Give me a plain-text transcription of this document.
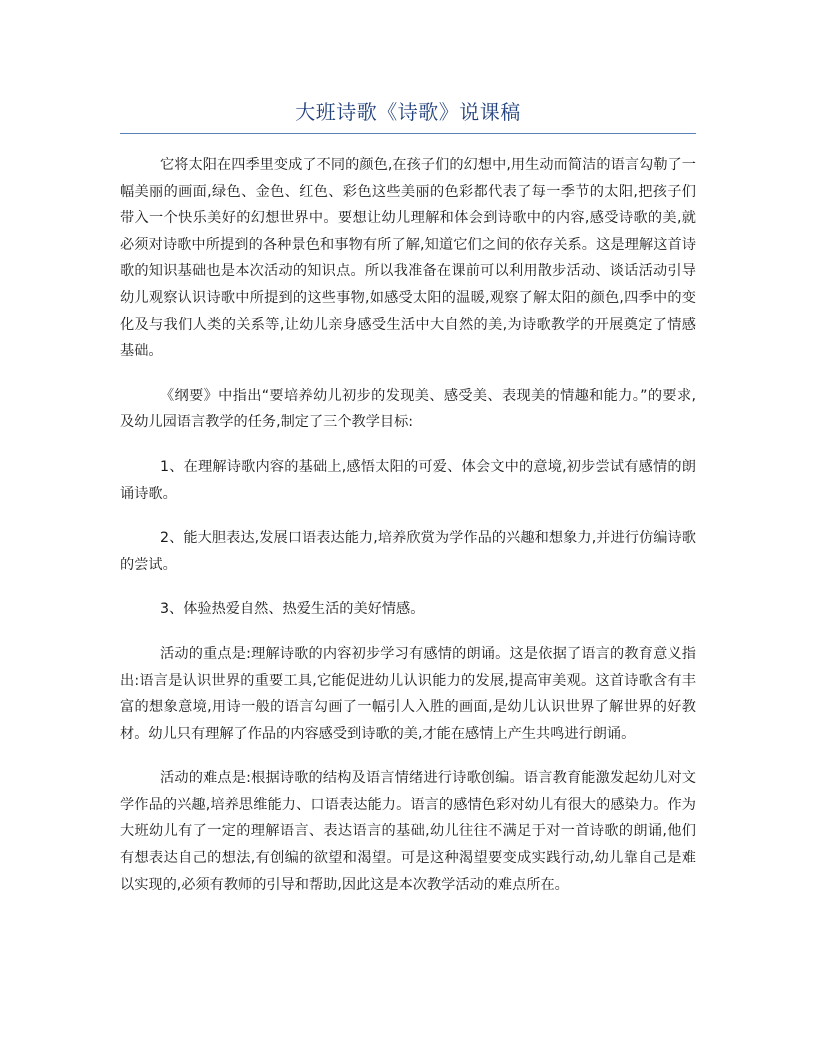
大班诗歌《诗歌》说课稿

它将太阳在四季里变成了不同的颜色,在孩子们的幻想中,用生动而简洁的语言勾勒了一幅美丽的画面,绿色、金色、红色、彩色这些美丽的色彩都代表了每一季节的太阳,把孩子们带入一个快乐美好的幻想世界中。要想让幼儿理解和体会到诗歌中的内容,感受诗歌的美,就必须对诗歌中所提到的各种景色和事物有所了解,知道它们之间的依存关系。这是理解这首诗歌的知识基础也是本次活动的知识点。所以我准备在课前可以利用散步活动、谈话活动引导幼儿观察认识诗歌中所提到的这些事物,如感受太阳的温暖,观察了解太阳的颜色,四季中的变化及与我们人类的关系等,让幼儿亲身感受生活中大自然的美,为诗歌教学的开展奠定了情感基础。

《纲要》中指出“要培养幼儿初步的发现美、感受美、表现美的情趣和能力。”的要求,及幼儿园语言教学的任务,制定了三个教学目标:

1、在理解诗歌内容的基础上,感悟太阳的可爱、体会文中的意境,初步尝试有感情的朗诵诗歌。

2、能大胆表达,发展口语表达能力,培养欣赏为学作品的兴趣和想象力,并进行仿编诗歌的尝试。

3、体验热爱自然、热爱生活的美好情感。

活动的重点是:理解诗歌的内容初步学习有感情的朗诵。这是依据了语言的教育意义指出:语言是认识世界的重要工具,它能促进幼儿认识能力的发展,提高审美观。这首诗歌含有丰富的想象意境,用诗一般的语言勾画了一幅引人入胜的画面,是幼儿认识世界了解世界的好教材。幼儿只有理解了作品的内容感受到诗歌的美,才能在感情上产生共鸣进行朗诵。

活动的难点是:根据诗歌的结构及语言情绪进行诗歌创编。语言教育能激发起幼儿对文学作品的兴趣,培养思维能力、口语表达能力。语言的感情色彩对幼儿有很大的感染力。作为大班幼儿有了一定的理解语言、表达语言的基础,幼儿往往不满足于对一首诗歌的朗诵,他们有想表达自己的想法,有创编的欲望和渴望。可是这种渴望要变成实践行动,幼儿靠自己是难以实现的,必须有教师的引导和帮助,因此这是本次教学活动的难点所在。
